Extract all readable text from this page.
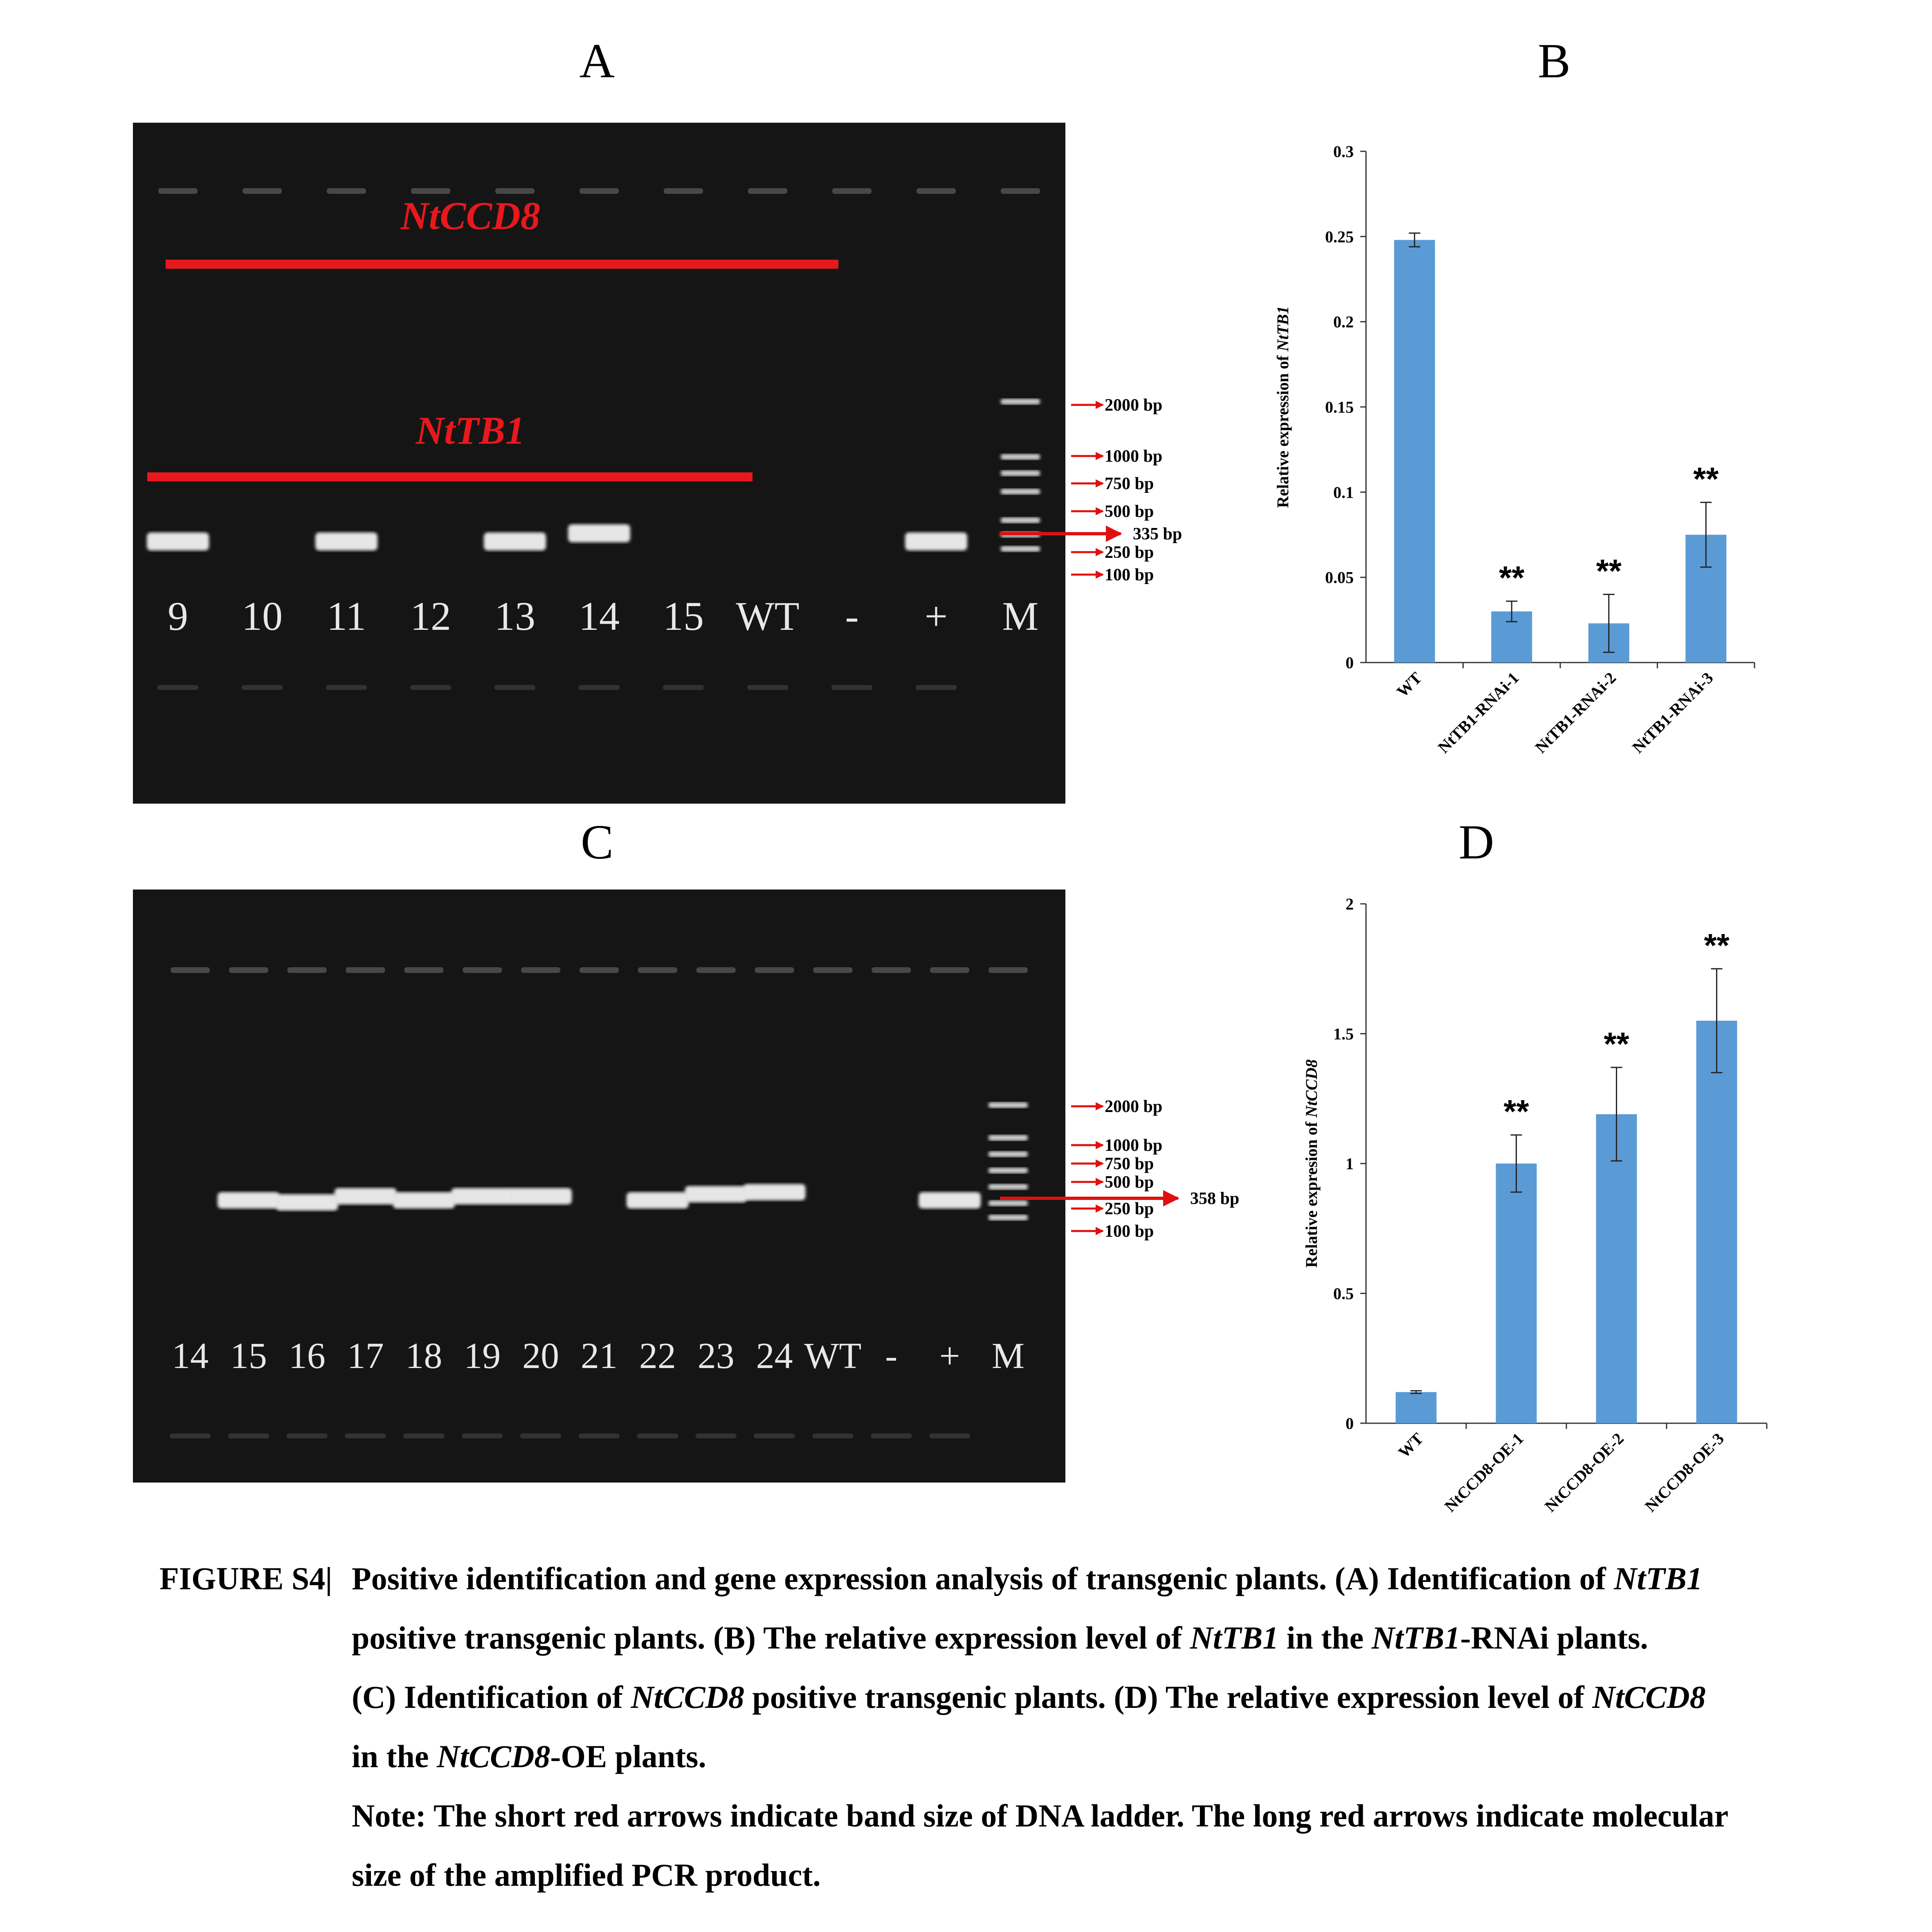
A	B
C	D
NtTB1
9 10 11 12 13 14 15 WT - + M
2000 bp
1000 bp
750 bp
500 bp
250 bp
100 bp
335 bp
NtCCD8
14 15 16 17 18 19 20 21 22 23 24 WT - + M
2000 bp
1000 bp
750 bp
500 bp
250 bp
100 bp
358 bp
0
0.05
0.1
0.15
0.2
0.25
0.3
Relative expression of NtTB1
WT
**
NtTB1-RNAi-1
**
NtTB1-RNAi-2
**
NtTB1-RNAi-3
0
0.5
1
1.5
2
Relative expresion of NtCCD8
WT
**
NtCCD8-OE-1
**
NtCCD8-OE-2
**
NtCCD8-OE-3
FIGURE S4| Positive identification and gene expression analysis of transgenic plants. (A) Identification of NtTB1
positive transgenic plants. (B) The relative expression level of NtTB1 in the NtTB1-RNAi plants.
(C) Identification of NtCCD8 positive transgenic plants. (D) The relative expression level of NtCCD8
in the NtCCD8-OE plants.
Note: The short red arrows indicate band size of DNA ladder. The long red arrows indicate molecular
size of the amplified PCR product.
